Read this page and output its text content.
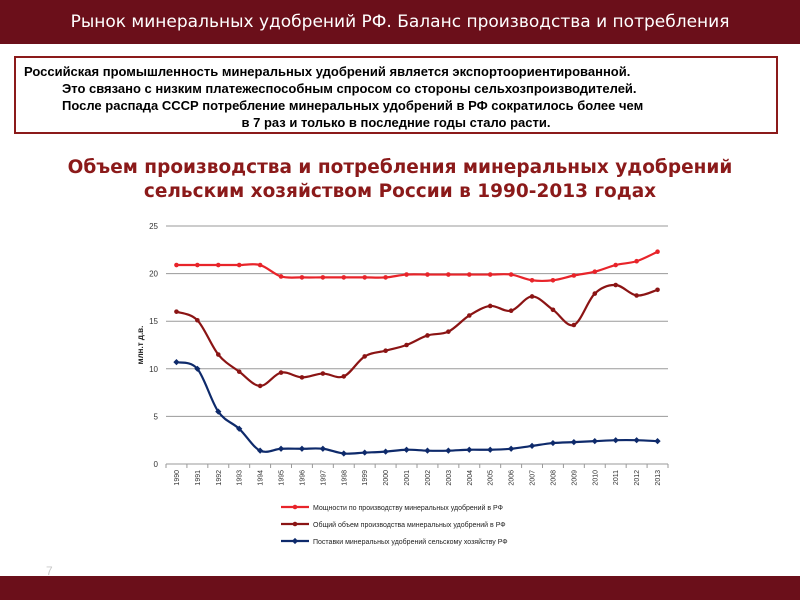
Рынок минеральных удобрений РФ. Баланс производства и потребления
Российская промышленность минеральных удобрений является экспортоориентированной.
Это связано с низким платежеспособным спросом со стороны сельхозпроизводителей.
После распада СССР потребление минеральных удобрений в РФ сократилось более чем
в 7 раз и только в последние годы стало расти.
Объем производства и потребления минеральных удобрений
сельским хозяйством России в 1990-2013 годах
0
5
10
15
20
25
1990 1991 1992 1993 1994 1995 1996 1997 1998 1999 2000 2001 2002 2003 2004 2005 2006 2007 2008 2009 2010 2011 2012 2013
млн.т д.в.
Мощности по производству минеральных удобрений в РФ
Общий объем производства минеральных удобрений в РФ
Поставки минеральных удобрений сельскому хозяйству РФ
7
